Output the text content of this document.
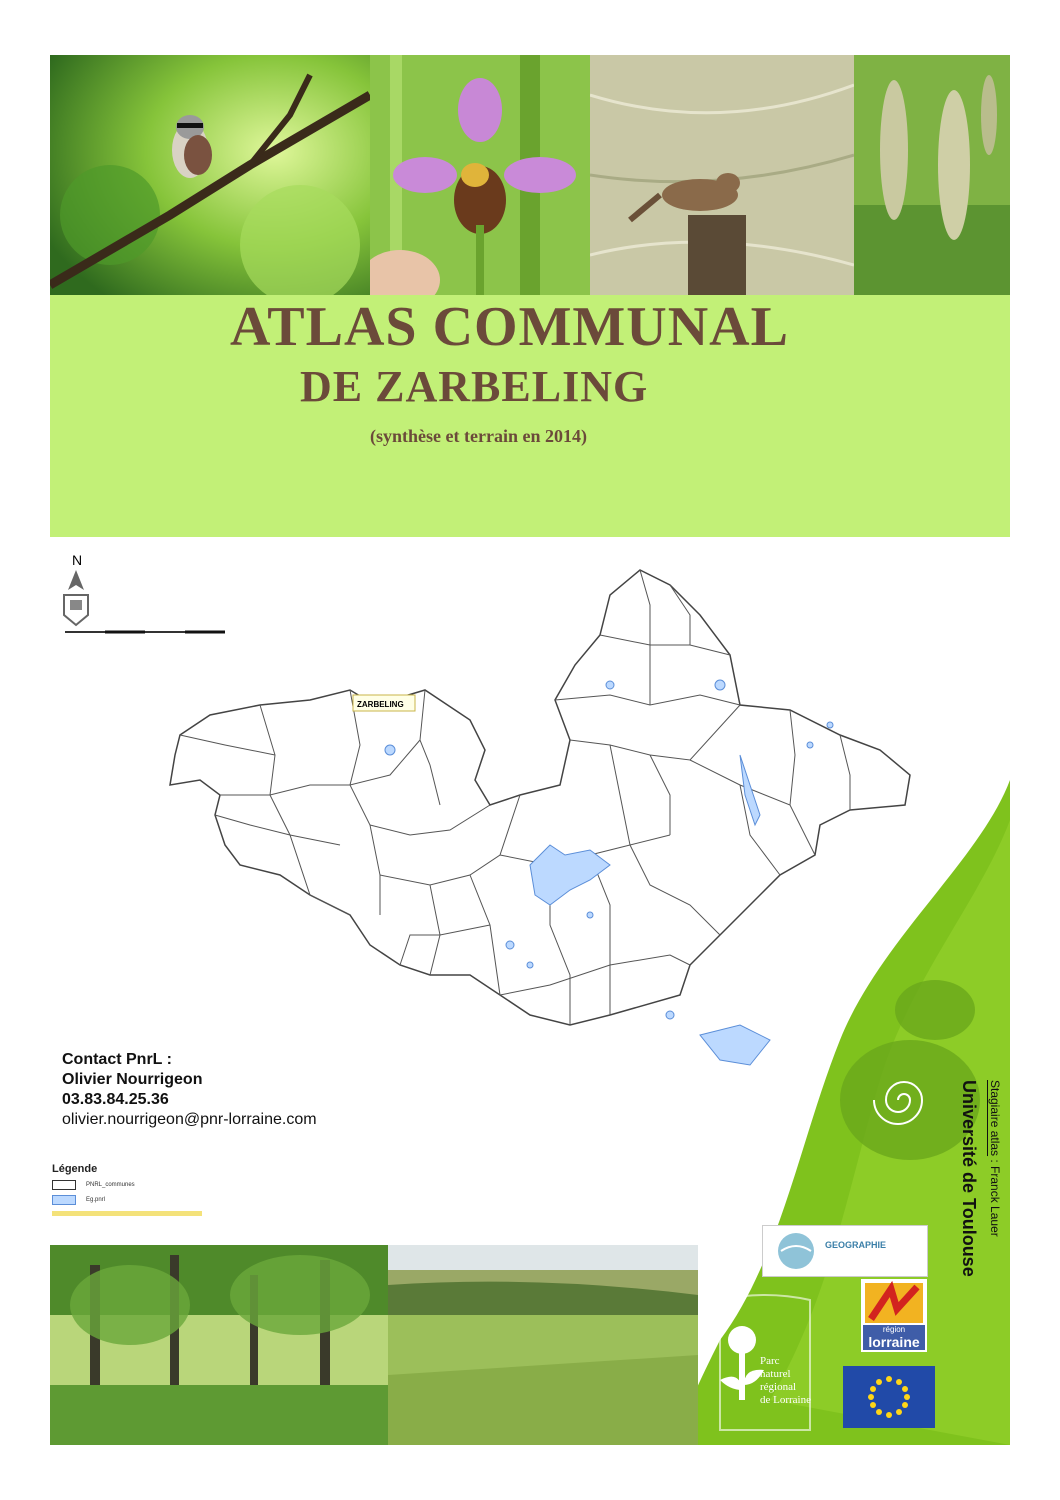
ATLAS COMMUNAL
DE ZARBELING
(synthèse et terrain en 2014)
N
ZARBELING
Contact PnrL :
Olivier Nourrigeon
03.83.84.25.36
olivier.nourrigeon@pnr-lorraine.com
Légende
PNRL_communes
Eg.pnrl
Parc
naturel
régional
de Lorraine
GEOGRAPHIE
région
lorraine
Université de Toulouse Stagiaire atlas : Franck Lauer
